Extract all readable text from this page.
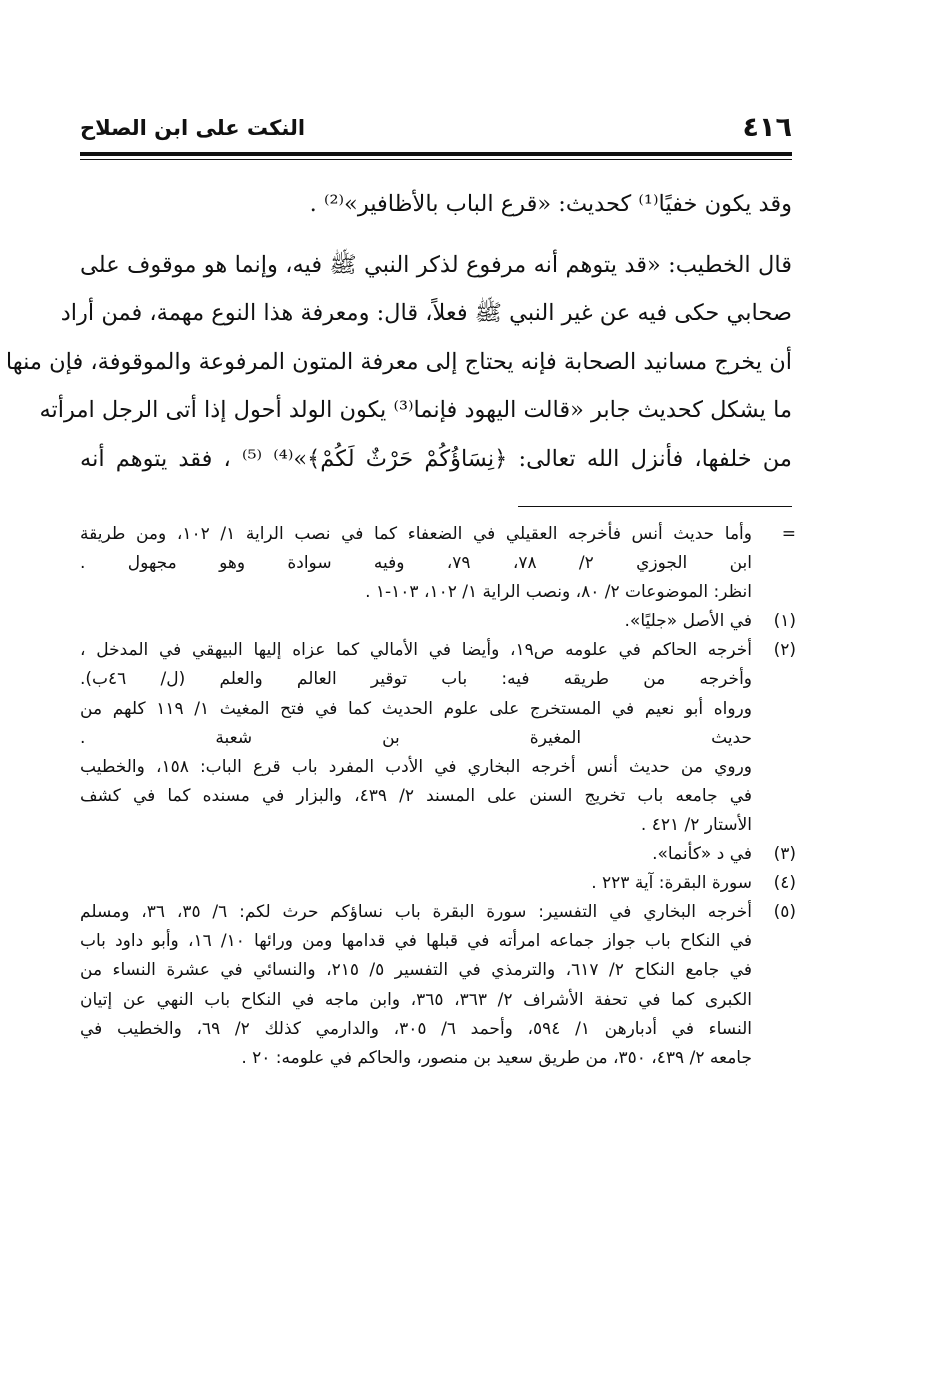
٤١٦
النكت على ابن الصلاح

وقد يكون خفيًا⁽¹⁾ كحديث: «قرع الباب بالأظافير»⁽²⁾ .

قال الخطيب: «قد يتوهم أنه مرفوع لذكر النبي ﷺ فيه، وإنما هو موقوف على
صحابي حكى فيه عن غير النبي ﷺ فعلاً، قال: ومعرفة هذا النوع مهمة، فمن أراد
أن يخرج مسانيد الصحابة فإنه يحتاج إلى معرفة المتون المرفوعة والموقوفة، فإن منها
ما يشكل كحديث جابر «قالت اليهود فإنما⁽³⁾ يكون الولد أحول إذا أتى الرجل امرأته
من خلفها، فأنزل الله تعالى: ﴿نِسَاؤُكُمْ حَرْثٌ لَكُمْ﴾»⁽⁴⁾ ⁽⁵⁾ ، فقد يتوهم أنه

=
وأما حديث أنس فأخرجه العقيلي في الضعفاء كما في نصب الراية ١/ ١٠٢، ومن طريقة
ابن الجوزي ٢/ ٧٨، ٧٩، وفيه سوادة وهو مجهول .
انظر: الموضوعات ٢/ ٨٠، ونصب الراية ١/ ١٠٢، ١٠٣-١ .
(١)
في الأصل «جليًا».
(٢)
أخرجه الحاكم في علومه ص١٩، وأيضا في الأمالي كما عزاه إليها البيهقي في المدخل ،
وأخرجه من طريقه فيه: باب توقير العالم والعلم (ل/ ٤٦ب).
ورواه أبو نعيم في المستخرج على علوم الحديث كما في فتح المغيث ١/ ١١٩ كلهم من
حديث المغيرة بن شعبة .
وروي من حديث أنس أخرجه البخاري في الأدب المفرد باب قرع الباب: ١٥٨، والخطيب
في جامعه باب تخريج السنن على المسند ٢/ ٤٣٩، والبزار في مسنده كما في كشف
الأستار ٢/ ٤٢١ .
(٣)
في د «كأنما».
(٤)
سورة البقرة: آية ٢٢٣ .
(٥)
أخرجه البخاري في التفسير: سورة البقرة باب نساؤكم حرث لكم: ٦/ ٣٥، ٣٦، ومسلم
في النكاح باب جواز جماعه امرأته في قبلها في قدامها ومن ورائها ١٠/ ١٦، وأبو داود باب
في جامع النكاح ٢/ ٦١٧، والترمذي في التفسير ٥/ ٢١٥، والنسائي في عشرة النساء من
الكبرى كما في تحفة الأشراف ٢/ ٣٦٣، ٣٦٥، وابن ماجه في النكاح باب النهي عن إتيان
النساء في أدبارهن ١/ ٥٩٤، وأحمد ٦/ ٣٠٥، والدارمي كذلك ٢/ ٦٩، والخطيب في
جامعه ٢/ ٤٣٩، ٣٥٠، من طريق سعيد بن منصور، والحاكم في علومه: ٢٠ .
